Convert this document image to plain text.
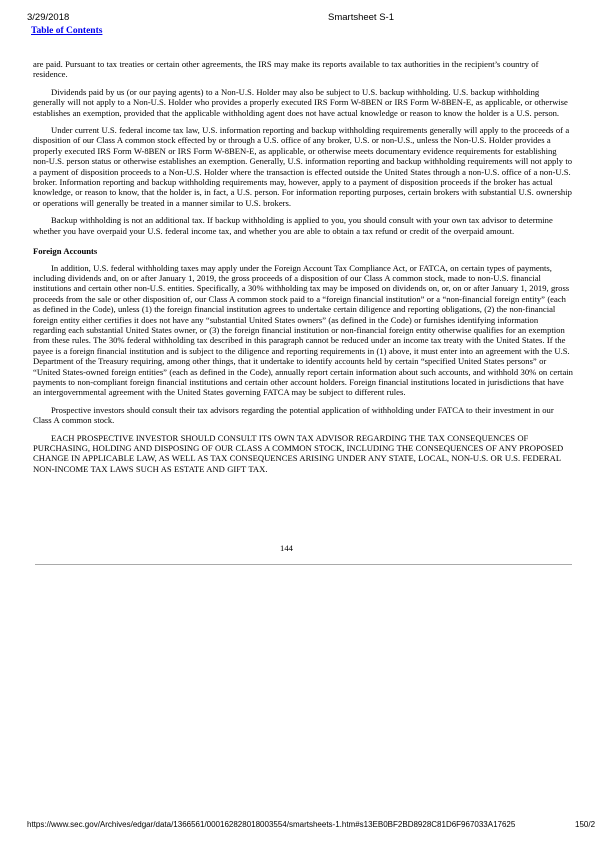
3/29/2018	Smartsheet S-1
Table of Contents

are paid. Pursuant to tax treaties or certain other agreements, the IRS may make its reports available to tax authorities in the recipient’s country of residence.

Dividends paid by us (or our paying agents) to a Non-U.S. Holder may also be subject to U.S. backup withholding. U.S. backup withholding generally will not apply to a Non-U.S. Holder who provides a properly executed IRS Form W-8BEN or IRS Form W-8BEN-E, as applicable, or otherwise establishes an exemption, provided that the applicable withholding agent does not have actual knowledge or reason to know the holder is a U.S. person.

Under current U.S. federal income tax law, U.S. information reporting and backup withholding requirements generally will apply to the proceeds of a disposition of our Class A common stock effected by or through a U.S. office of any broker, U.S. or non-U.S., unless the Non-U.S. Holder provides a properly executed IRS Form W-8BEN or IRS Form W-8BEN-E, as applicable, or otherwise meets documentary evidence requirements for establishing non-U.S. person status or otherwise establishes an exemption. Generally, U.S. information reporting and backup withholding requirements will not apply to a payment of disposition proceeds to a Non-U.S. Holder where the transaction is effected outside the United States through a non-U.S. office of a non-U.S. broker. Information reporting and backup withholding requirements may, however, apply to a payment of disposition proceeds if the broker has actual knowledge, or reason to know, that the holder is, in fact, a U.S. person. For information reporting purposes, certain brokers with substantial U.S. ownership or operations will generally be treated in a manner similar to U.S. brokers.

Backup withholding is not an additional tax. If backup withholding is applied to you, you should consult with your own tax advisor to determine whether you have overpaid your U.S. federal income tax, and whether you are able to obtain a tax refund or credit of the overpaid amount.

Foreign Accounts

In addition, U.S. federal withholding taxes may apply under the Foreign Account Tax Compliance Act, or FATCA, on certain types of payments, including dividends and, on or after January 1, 2019, the gross proceeds of a disposition of our Class A common stock, made to non-U.S. financial institutions and certain other non-U.S. entities. Specifically, a 30% withholding tax may be imposed on dividends on, or, on or after January 1, 2019, gross proceeds from the sale or other disposition of, our Class A common stock paid to a “foreign financial institution” or a “non-financial foreign entity” (each as defined in the Code), unless (1) the foreign financial institution agrees to undertake certain diligence and reporting obligations, (2) the non-financial foreign entity either certifies it does not have any “substantial United States owners” (as defined in the Code) or furnishes identifying information regarding each substantial United States owner, or (3) the foreign financial institution or non-financial foreign entity otherwise qualifies for an exemption from these rules. The 30% federal withholding tax described in this paragraph cannot be reduced under an income tax treaty with the United States. If the payee is a foreign financial institution and is subject to the diligence and reporting requirements in (1) above, it must enter into an agreement with the U.S. Department of the Treasury requiring, among other things, that it undertake to identify accounts held by certain “specified United States persons” or “United States-owned foreign entities” (each as defined in the Code), annually report certain information about such accounts, and withhold 30% on certain payments to non-compliant foreign financial institutions and certain other account holders. Foreign financial institutions located in jurisdictions that have an intergovernmental agreement with the United States governing FATCA may be subject to different rules.

Prospective investors should consult their tax advisors regarding the potential application of withholding under FATCA to their investment in our Class A common stock.

EACH PROSPECTIVE INVESTOR SHOULD CONSULT ITS OWN TAX ADVISOR REGARDING THE TAX CONSEQUENCES OF PURCHASING, HOLDING AND DISPOSING OF OUR CLASS A COMMON STOCK, INCLUDING THE CONSEQUENCES OF ANY PROPOSED CHANGE IN APPLICABLE LAW, AS WELL AS TAX CONSEQUENCES ARISING UNDER ANY STATE, LOCAL, NON-U.S. OR U.S. FEDERAL NON-INCOME TAX LAWS SUCH AS ESTATE AND GIFT TAX.

144
https://www.sec.gov/Archives/edgar/data/1366561/000162828018003554/smartsheets-1.htm#s13EB0BF2BD8928C81D6F967033A17625	150/2
